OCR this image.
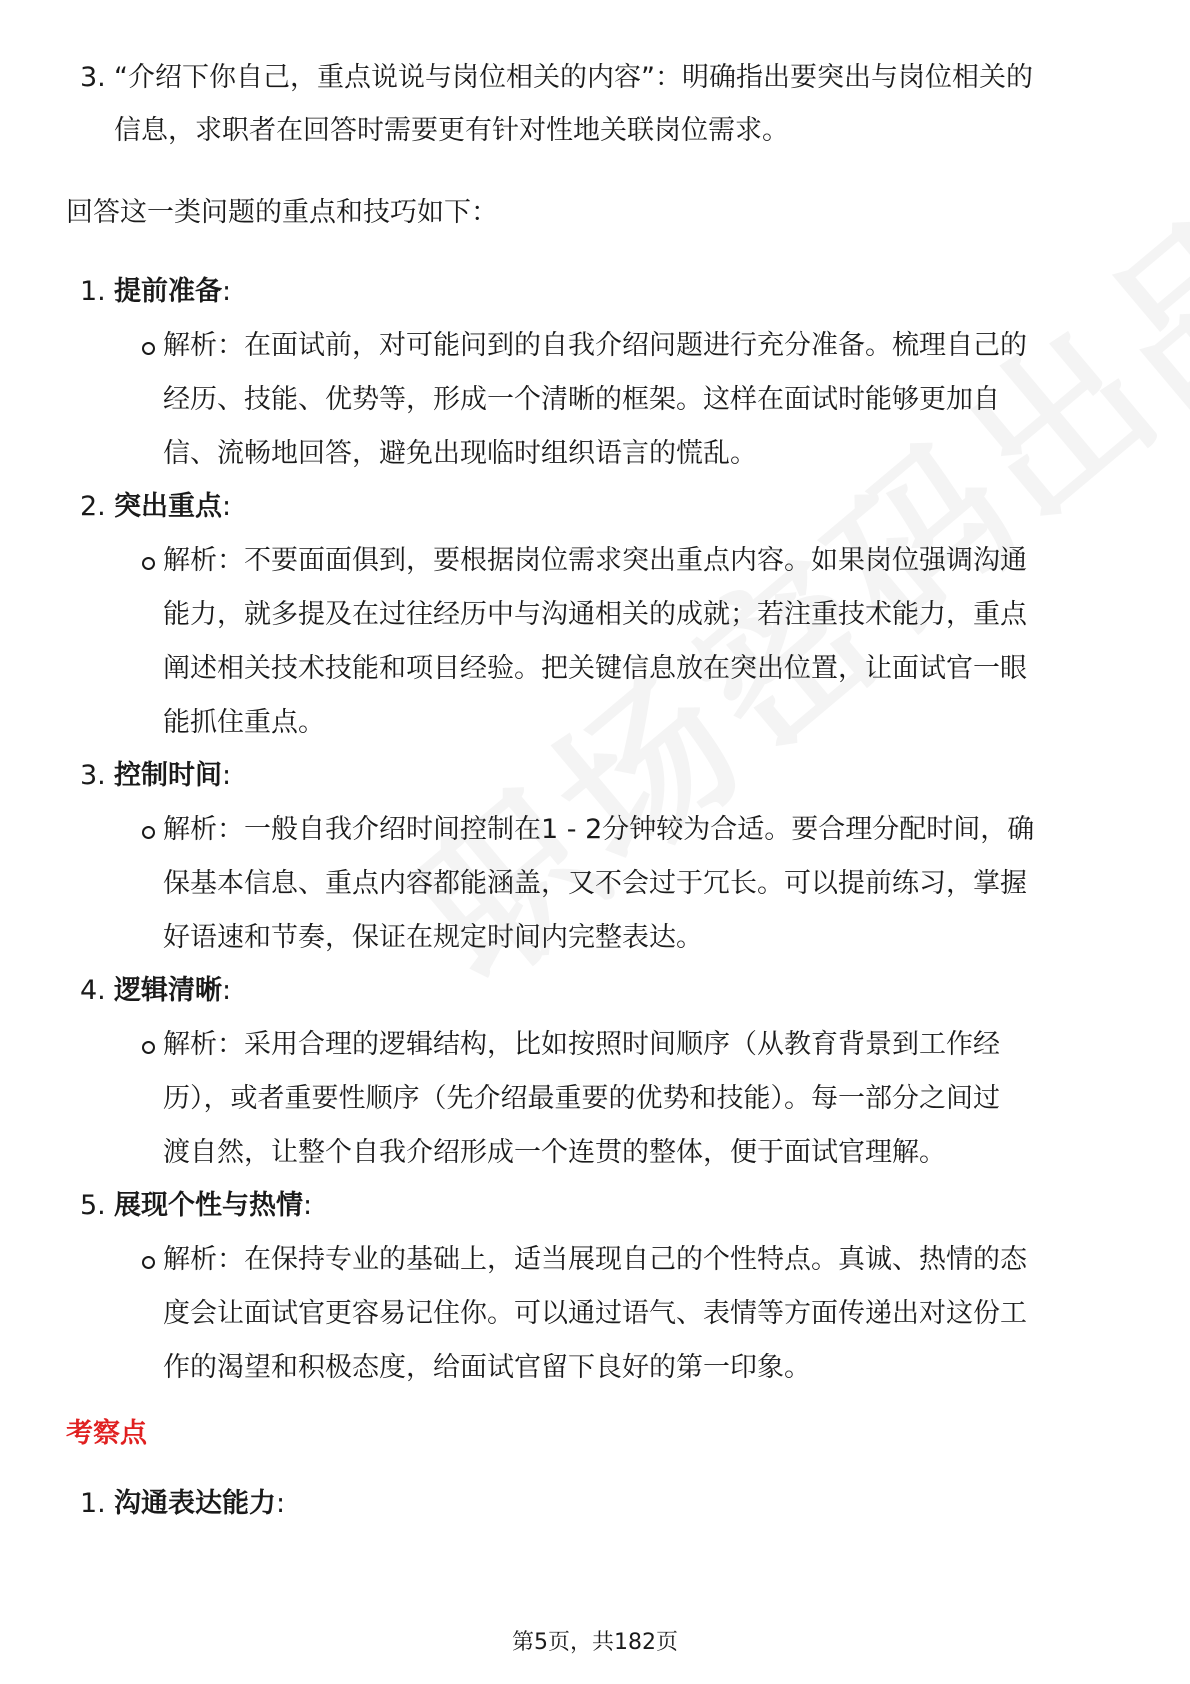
3. “介绍下你自己，重点说说与岗位相关的内容”：明确指出要突出与岗位相关的
信息，求职者在回答时需要更有针对性地关联岗位需求。
回答这一类问题的重点和技巧如下：
1. 提前准备:
解析：在面试前，对可能问到的自我介绍问题进行充分准备。梳理自己的
经历、技能、优势等，形成一个清晰的框架。这样在面试时能够更加自
信、流畅地回答，避免出现临时组织语言的慌乱。
2. 突出重点:
解析：不要面面俱到，要根据岗位需求突出重点内容。如果岗位强调沟通
能力，就多提及在过往经历中与沟通相关的成就；若注重技术能力，重点
阐述相关技术技能和项目经验。把关键信息放在突出位置，让面试官一眼
能抓住重点。
3. 控制时间:
解析：一般自我介绍时间控制在1 - 2分钟较为合适。要合理分配时间，确
保基本信息、重点内容都能涵盖，又不会过于冗长。可以提前练习，掌握
好语速和节奏，保证在规定时间内完整表达。
4. 逻辑清晰:
解析：采用合理的逻辑结构，比如按照时间顺序（从教育背景到工作经
历），或者重要性顺序（先介绍最重要的优势和技能）。每一部分之间过
渡自然，让整个自我介绍形成一个连贯的整体，便于面试官理解。
5. 展现个性与热情:
解析：在保持专业的基础上，适当展现自己的个性特点。真诚、热情的态
度会让面试官更容易记住你。可以通过语气、表情等方面传递出对这份工
作的渴望和积极态度，给面试官留下良好的第一印象。
考察点
1. 沟通表达能力:
第5页，共182页
